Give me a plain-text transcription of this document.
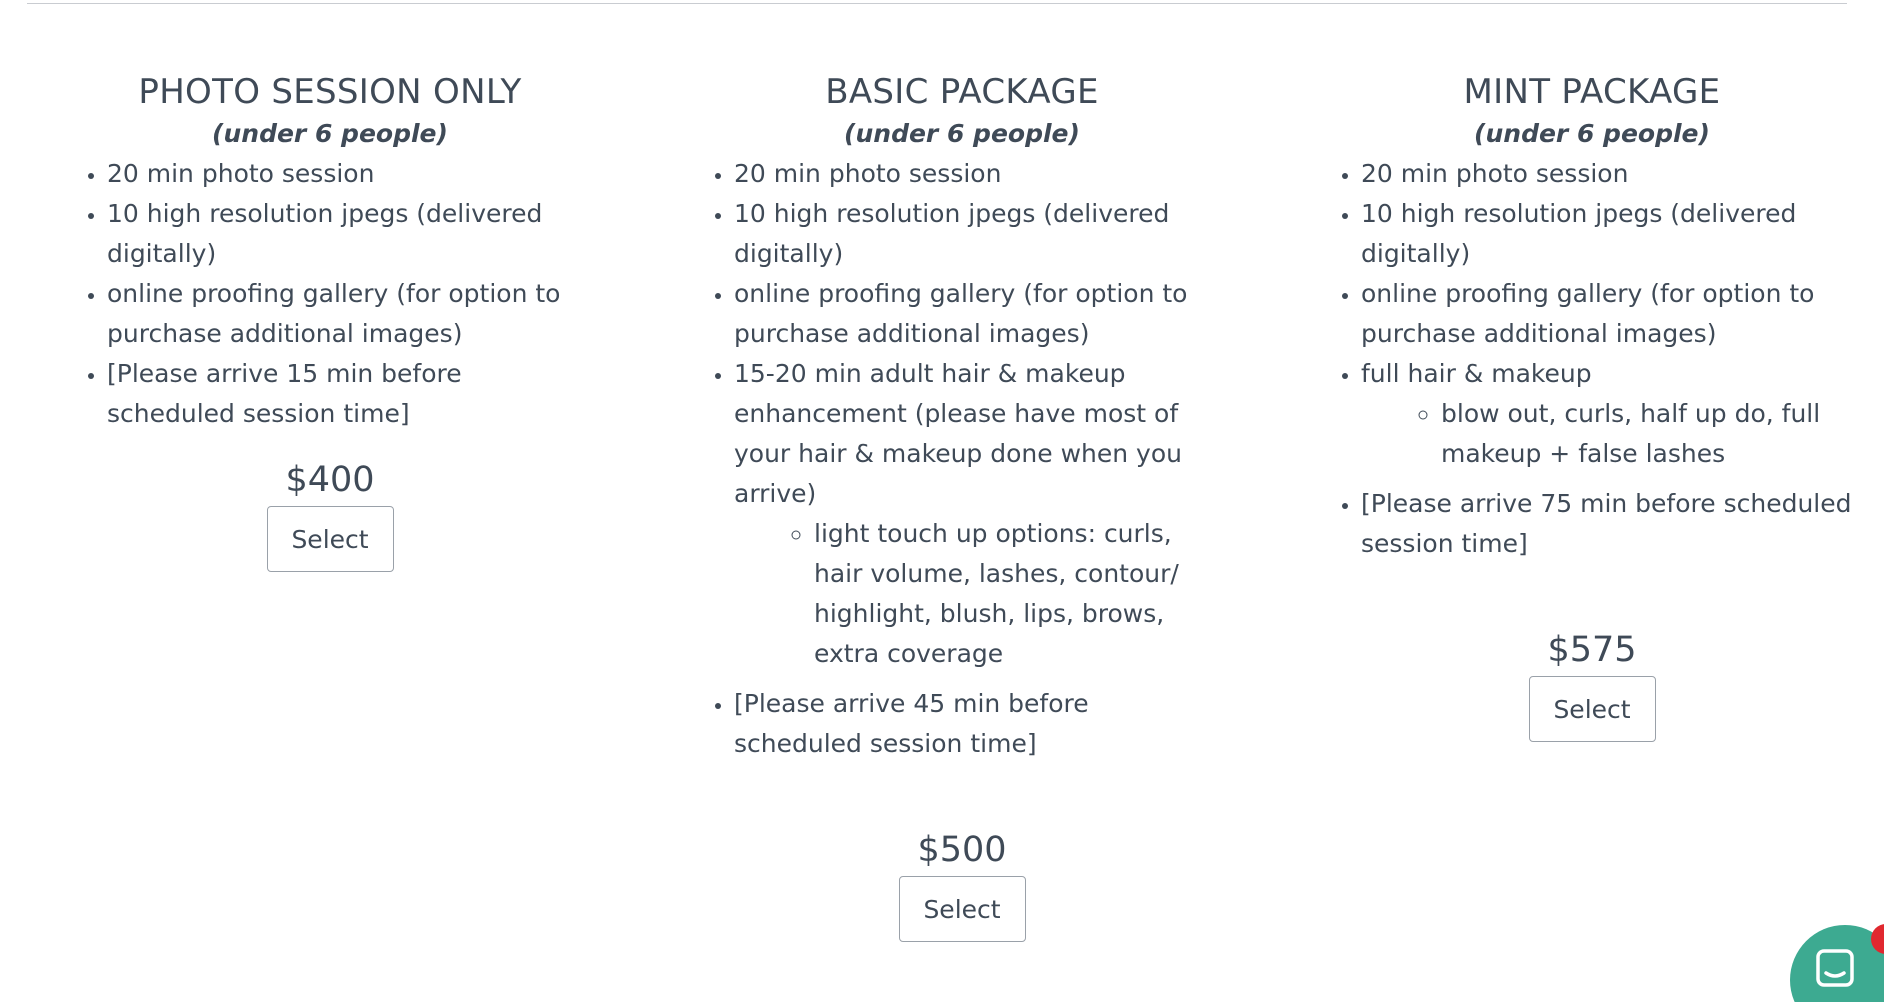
PHOTO SESSION ONLY

(under 6 people)

• 20 min photo session
• 10 high resolution jpegs (delivered digitally)
• online proofing gallery (for option to purchase additional images)
• [Please arrive 15 min before scheduled session time]

$400

Select
BASIC PACKAGE

(under 6 people)

• 20 min photo session
• 10 high resolution jpegs (delivered digitally)
• online proofing gallery (for option to purchase additional images)
• 15-20 min adult hair & makeup enhancement (please have most of your hair & makeup done when you arrive)
◦ light touch up options: curls, hair volume, lashes, contour/ highlight, blush, lips, brows, extra coverage
• [Please arrive 45 min before scheduled session time]

$500

Select
MINT PACKAGE

(under 6 people)

• 20 min photo session
• 10 high resolution jpegs (delivered digitally)
• online proofing gallery (for option to purchase additional images)
• full hair & makeup
◦ blow out, curls, half up do, full makeup + false lashes
• [Please arrive 75 min before scheduled session time]

$575

Select
